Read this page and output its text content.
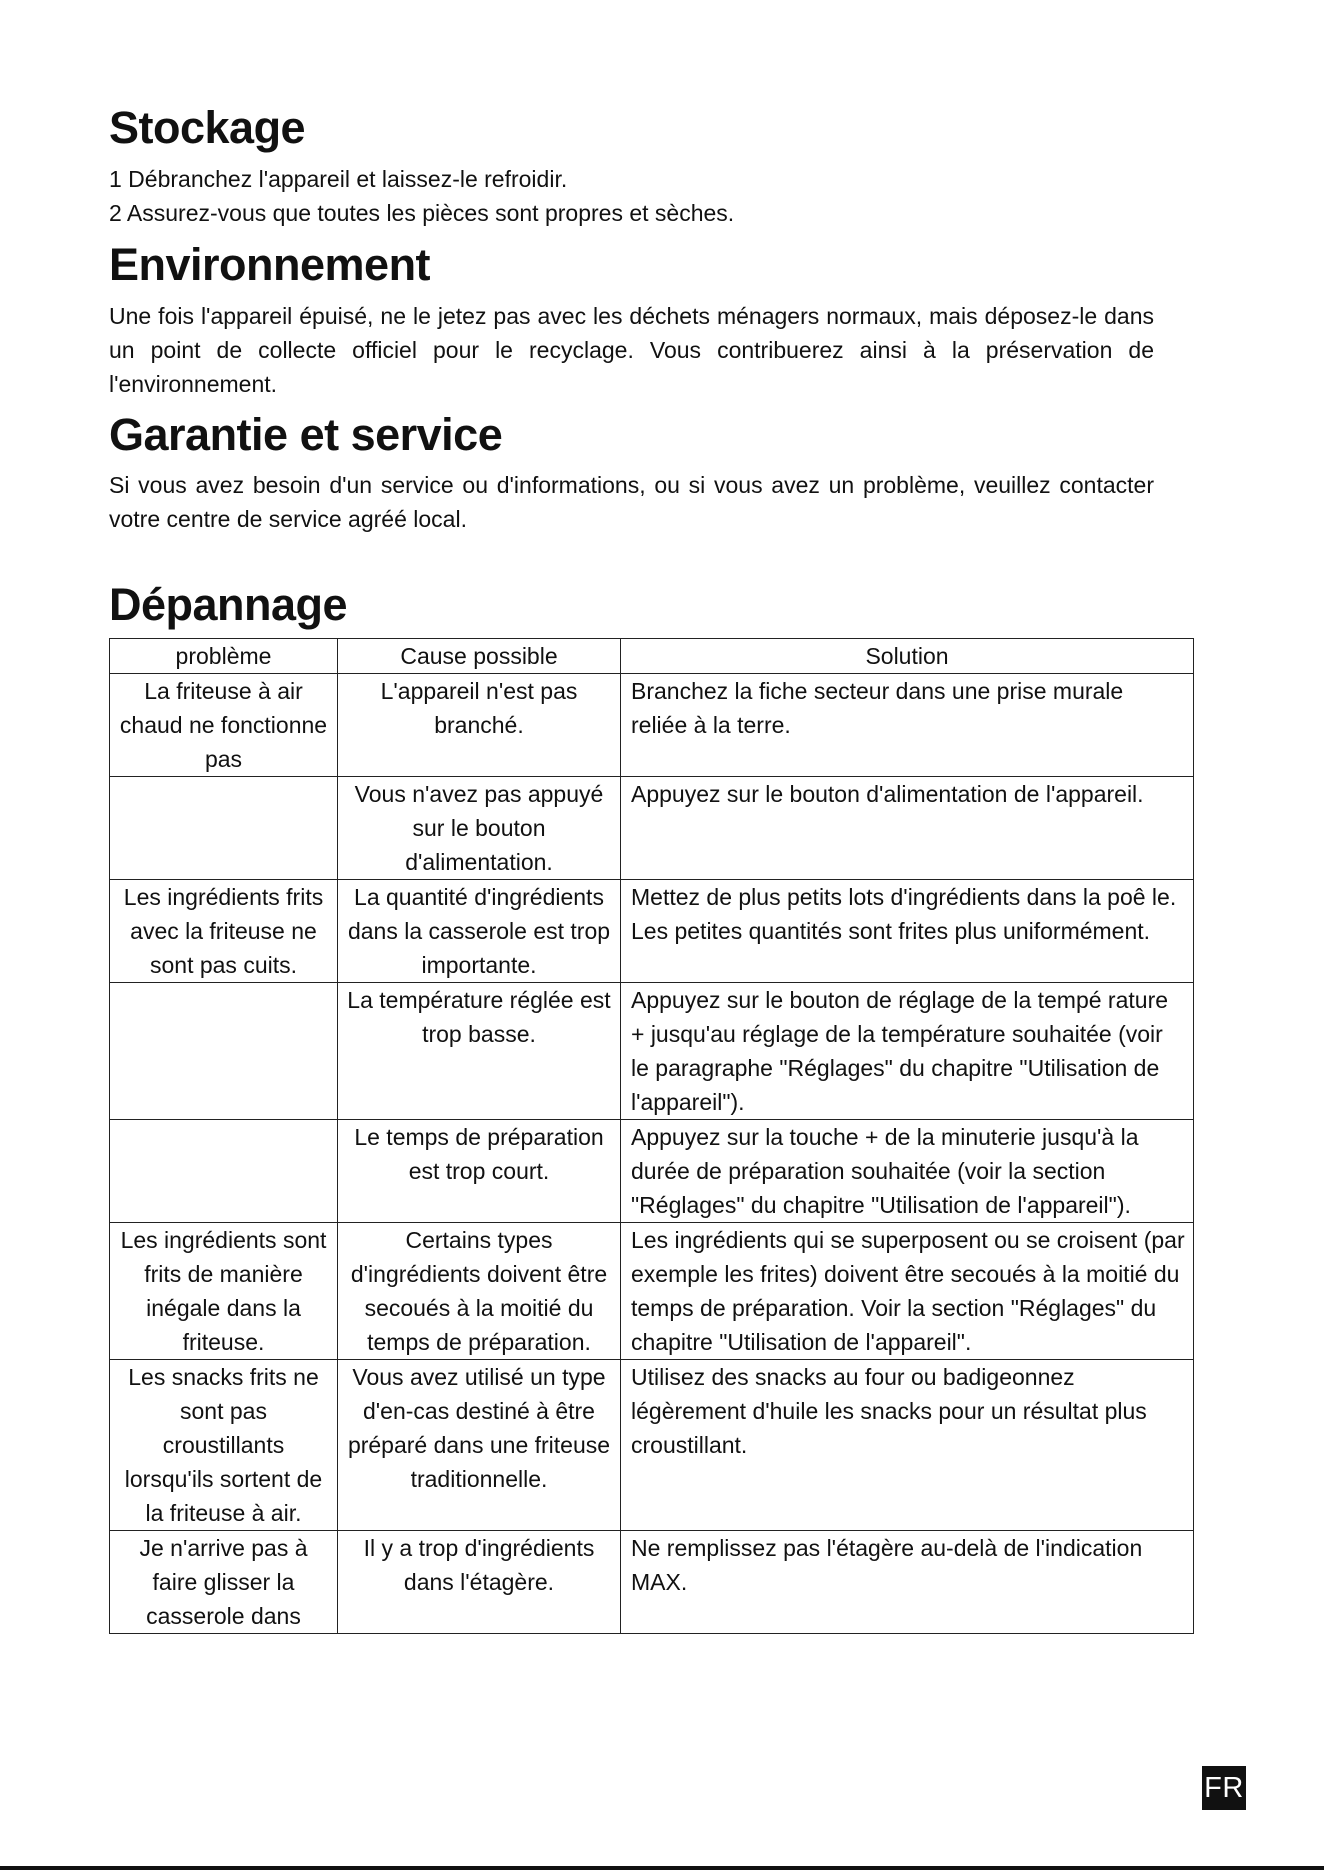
Stockage

1 Débranchez l'appareil et laissez-le refroidir.

2 Assurez-vous que toutes les pièces sont propres et sèches.

Environnement

Une fois l'appareil épuisé, ne le jetez pas avec les déchets ménagers normaux, mais déposez-le dans un point de collecte officiel pour le recyclage. Vous contribuerez ainsi à la préservation de l'environnement.

Garantie et service

Si vous avez besoin d'un service ou d'informations, ou si vous avez un problème, veuillez contacter votre centre de service agréé local.

Dépannage
problème	Cause possible	Solution
La friteuse à air chaud ne fonctionne pas	L'appareil n'est pas branché.	Branchez la fiche secteur dans une prise murale reliée à la terre.
	Vous n'avez pas appuyé sur le bouton d'alimentation.	Appuyez sur le bouton d'alimentation de l'appareil.
Les ingrédients frits avec la friteuse ne sont pas cuits.	La quantité d'ingrédients dans la casserole est trop importante.	Mettez de plus petits lots d'ingrédients dans la poê le. Les petites quantités sont frites plus uniformément.
	La température réglée est trop basse.	Appuyez sur le bouton de réglage de la tempé rature + jusqu'au réglage de la température souhaitée (voir le paragraphe "Réglages" du chapitre "Utilisation de l'appareil").
	Le temps de préparation est trop court.	Appuyez sur la touche + de la minuterie jusqu'à la durée de préparation souhaitée (voir la section "Réglages" du chapitre "Utilisation de l'appareil").
Les ingrédients sont frits de manière inégale dans la friteuse.	Certains types d'ingrédients doivent être secoués à la moitié du temps de préparation.	Les ingrédients qui se superposent ou se croisent (par exemple les frites) doivent être secoués à la moitié du temps de préparation. Voir la section "Réglages" du chapitre "Utilisation de l'appareil".
Les snacks frits ne sont pas croustillants lorsqu'ils sortent de la friteuse à air.	Vous avez utilisé un type d'en-cas destiné à être préparé dans une friteuse traditionnelle.	Utilisez des snacks au four ou badigeonnez légèrement d'huile les snacks pour un résultat plus croustillant.
Je n'arrive pas à faire glisser la casserole dans	Il y a trop d'ingrédients dans l'étagère.	Ne remplissez pas l'étagère au-delà de l'indication MAX.
FR
